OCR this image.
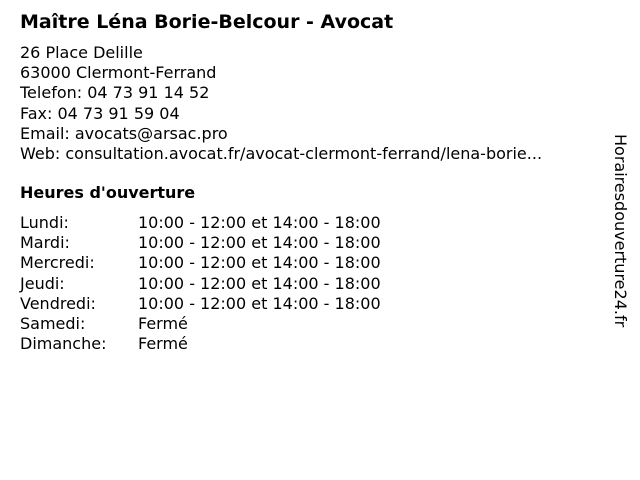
Maître Léna Borie-Belcour - Avocat
26 Place Delille
63000 Clermont-Ferrand
Telefon: 04 73 91 14 52
Fax: 04 73 91 59 04
Email: avocats@arsac.pro
Web: consultation.avocat.fr/avocat-clermont-ferrand/lena-borie...
Heures d'ouverture
Lundi:	10:00 - 12:00 et 14:00 - 18:00
Mardi:	10:00 - 12:00 et 14:00 - 18:00
Mercredi:	10:00 - 12:00 et 14:00 - 18:00
Jeudi:	10:00 - 12:00 et 14:00 - 18:00
Vendredi:	10:00 - 12:00 et 14:00 - 18:00
Samedi:	Fermé
Dimanche:	Fermé
Horairesdouverture24.fr
